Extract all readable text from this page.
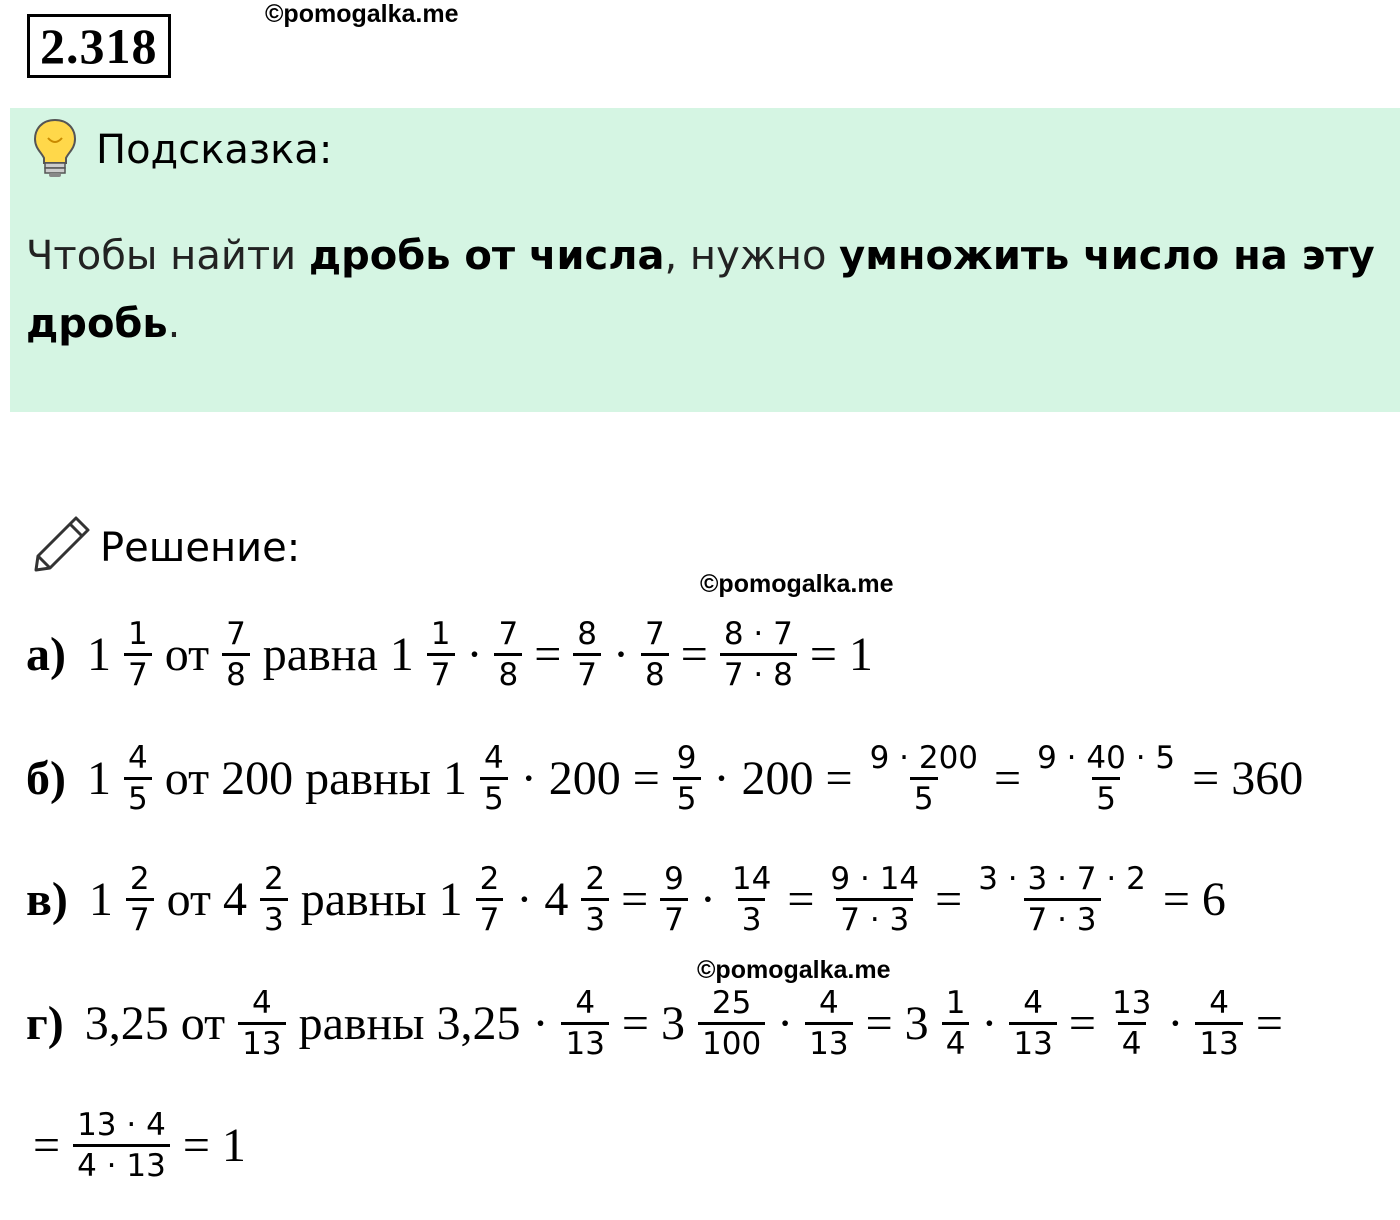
2.318
©pomogalka.me
Подсказка:
Чтобы найти дробь от числа, нужно умножить число на эту дробь.
Решение:
©pomogalka.me
а) $1 \frac{1}{7}$ от $\frac{7}{8}$ равна $1 \frac{1}{7} \cdot \frac{7}{8} = \frac{8}{7} \cdot \frac{7}{8} = \frac{8 \cdot 7}{7 \cdot 8} = 1$
б) $1 \frac{4}{5}$ от 200 равны $1 \frac{4}{5} \cdot 200 = \frac{9}{5} \cdot 200 = \frac{9 \cdot 200}{5} = \frac{9 \cdot 40 \cdot 5}{5} = 360$
в) $1 \frac{2}{7}$ от $4 \frac{2}{3}$ равны $1 \frac{2}{7} \cdot 4 \frac{2}{3} = \frac{9}{7} \cdot \frac{14}{3} = \frac{9 \cdot 14}{7 \cdot 3} = \frac{3 \cdot 3 \cdot 7 \cdot 2}{7 \cdot 3} = 6$
©pomogalka.me
г) 3,25 от $\frac{4}{13}$ равны $3,25 \cdot \frac{4}{13} = 3 \frac{25}{100} \cdot \frac{4}{13} = 3 \frac{1}{4} \cdot \frac{4}{13} = \frac{13}{4} \cdot \frac{4}{13}$ =
= $\frac{13 \cdot 4}{4 \cdot 13} = 1$
